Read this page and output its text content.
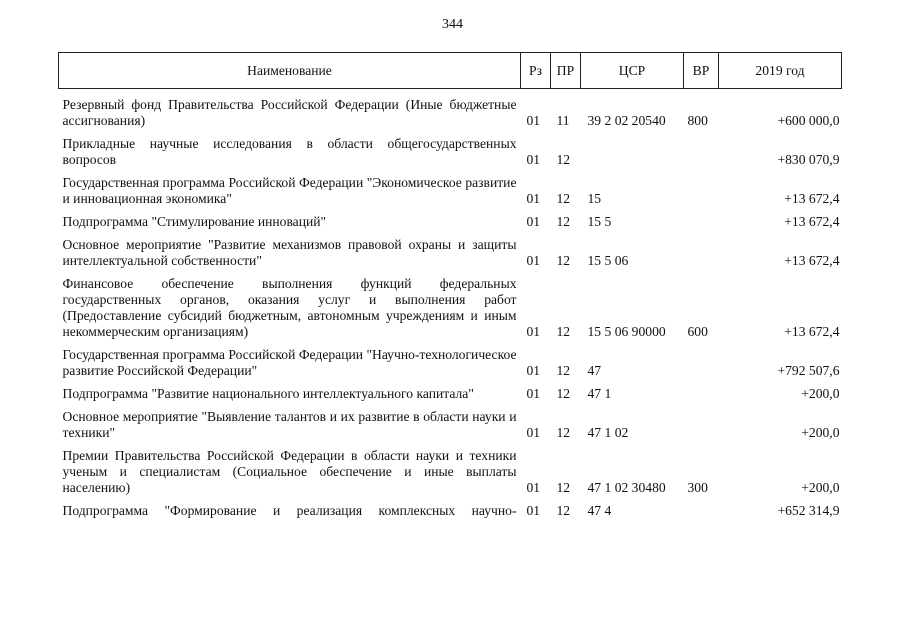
344
Наименование	Рз	ПР	ЦСР	ВР	2019 год

Резервный фонд Правительства Российской Федерации (Иные бюджетные ассигнования)	01	11	39 2 02 20540	800	+600 000,0

Прикладные научные исследования в области общегосударственных вопросов	01	12			+830 070,9

Государственная программа Российской Федерации "Экономическое развитие и инновационная экономика"	01	12	15		+13 672,4

Подпрограмма "Стимулирование инноваций"	01	12	15 5		+13 672,4

Основное мероприятие "Развитие механизмов правовой охраны и защиты интеллектуальной собственности"	01	12	15 5 06		+13 672,4

Финансовое обеспечение выполнения функций федеральных государственных органов, оказания услуг и выполнения работ (Предоставление субсидий бюджетным, автономным учреждениям и иным некоммерческим организациям)	01	12	15 5 06 90000	600	+13 672,4

Государственная программа Российской Федерации "Научно-технологическое развитие Российской Федерации"	01	12	47		+792 507,6

Подпрограмма "Развитие национального интеллектуального капитала"	01	12	47 1		+200,0

Основное мероприятие "Выявление талантов и их развитие в области науки и техники"	01	12	47 1 02		+200,0

Премии Правительства Российской Федерации в области науки и техники ученым и специалистам (Социальное обеспечение и иные выплаты населению)	01	12	47 1 02 30480	300	+200,0

Подпрограмма "Формирование и реализация комплексных научно-	01	12	47 4		+652 314,9
